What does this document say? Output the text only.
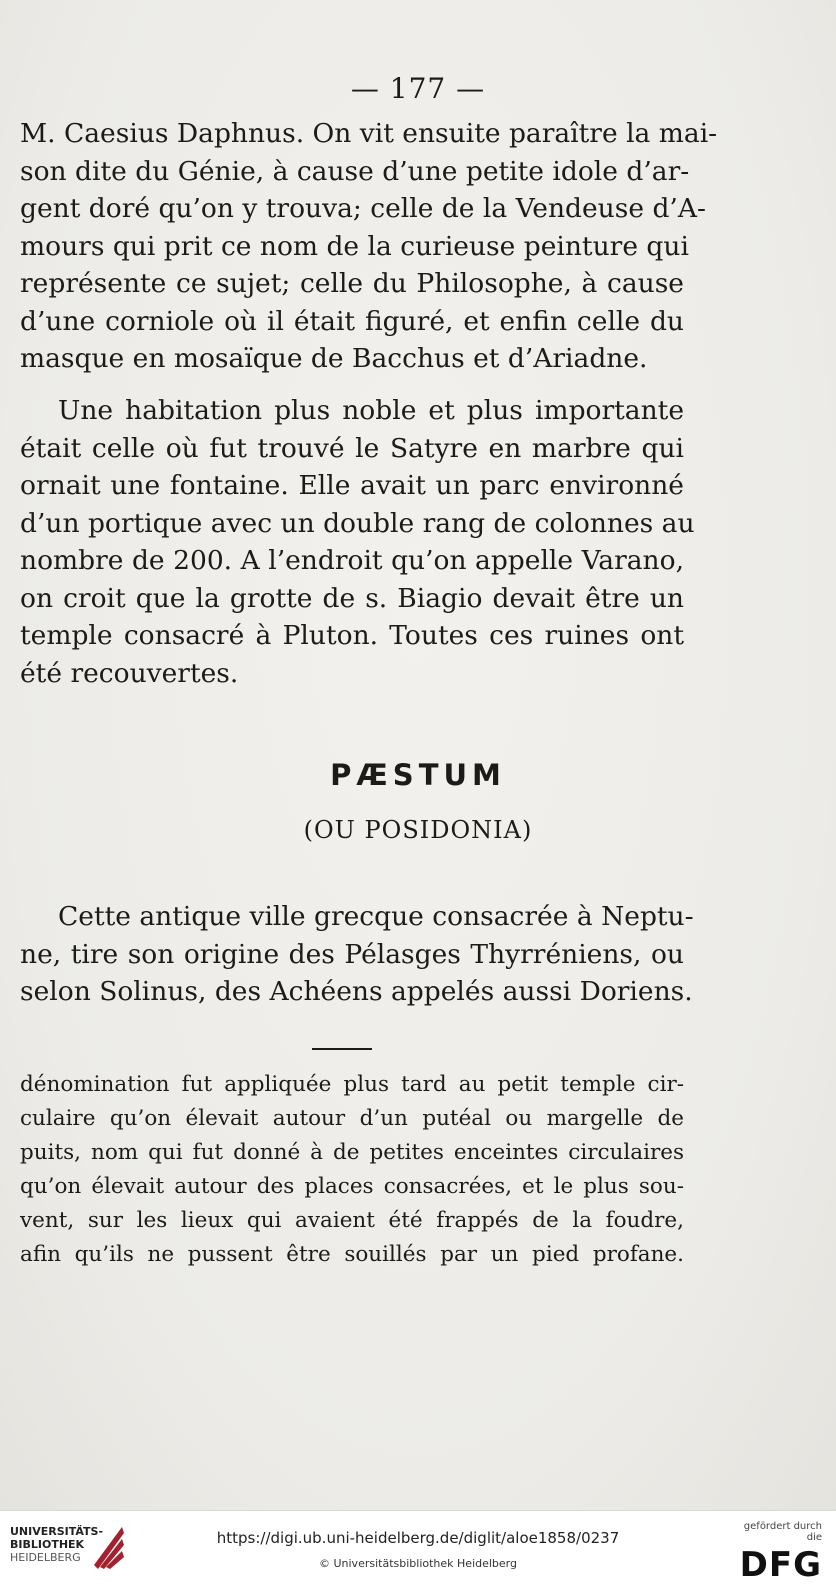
— 177 —
M. Caesius Daphnus. On vit ensuite paraître la mai-
son dite du Génie, à cause d’une petite idole d’ar-
gent doré qu’on y trouva; celle de la Vendeuse d’A-
mours qui prit ce nom de la curieuse peinture qui
représente ce sujet; celle du Philosophe, à cause
d’une corniole où il était figuré, et enfin celle du
masque en mosaïque de Bacchus et d’Ariadne.
Une habitation plus noble et plus importante
était celle où fut trouvé le Satyre en marbre qui
ornait une fontaine. Elle avait un parc environné
d’un portique avec un double rang de colonnes au
nombre de 200. A l’endroit qu’on appelle Varano,
on croit que la grotte de s. Biagio devait être un
temple consacré à Pluton. Toutes ces ruines ont
été recouvertes.
PÆSTUM
(OU POSIDONIA)
Cette antique ville grecque consacrée à Neptu-
ne, tire son origine des Pélasges Thyrréniens, ou
selon Solinus, des Achéens appelés aussi Doriens.
dénomination fut appliquée plus tard au petit temple cir-
culaire qu’on élevait autour d’un putéal ou margelle de
puits, nom qui fut donné à de petites enceintes circulaires
qu’on élevait autour des places consacrées, et le plus sou-
vent, sur les lieux qui avaient été frappés de la foudre,
afin qu’ils ne pussent être souillés par un pied profane.
UNIVERSITÄTS-
BIBLIOTHEK
HEIDELBERG
https://digi.ub.uni-heidelberg.de/diglit/aloe1858/0237
© Universitätsbibliothek Heidelberg
gefördert durch die
DFG
